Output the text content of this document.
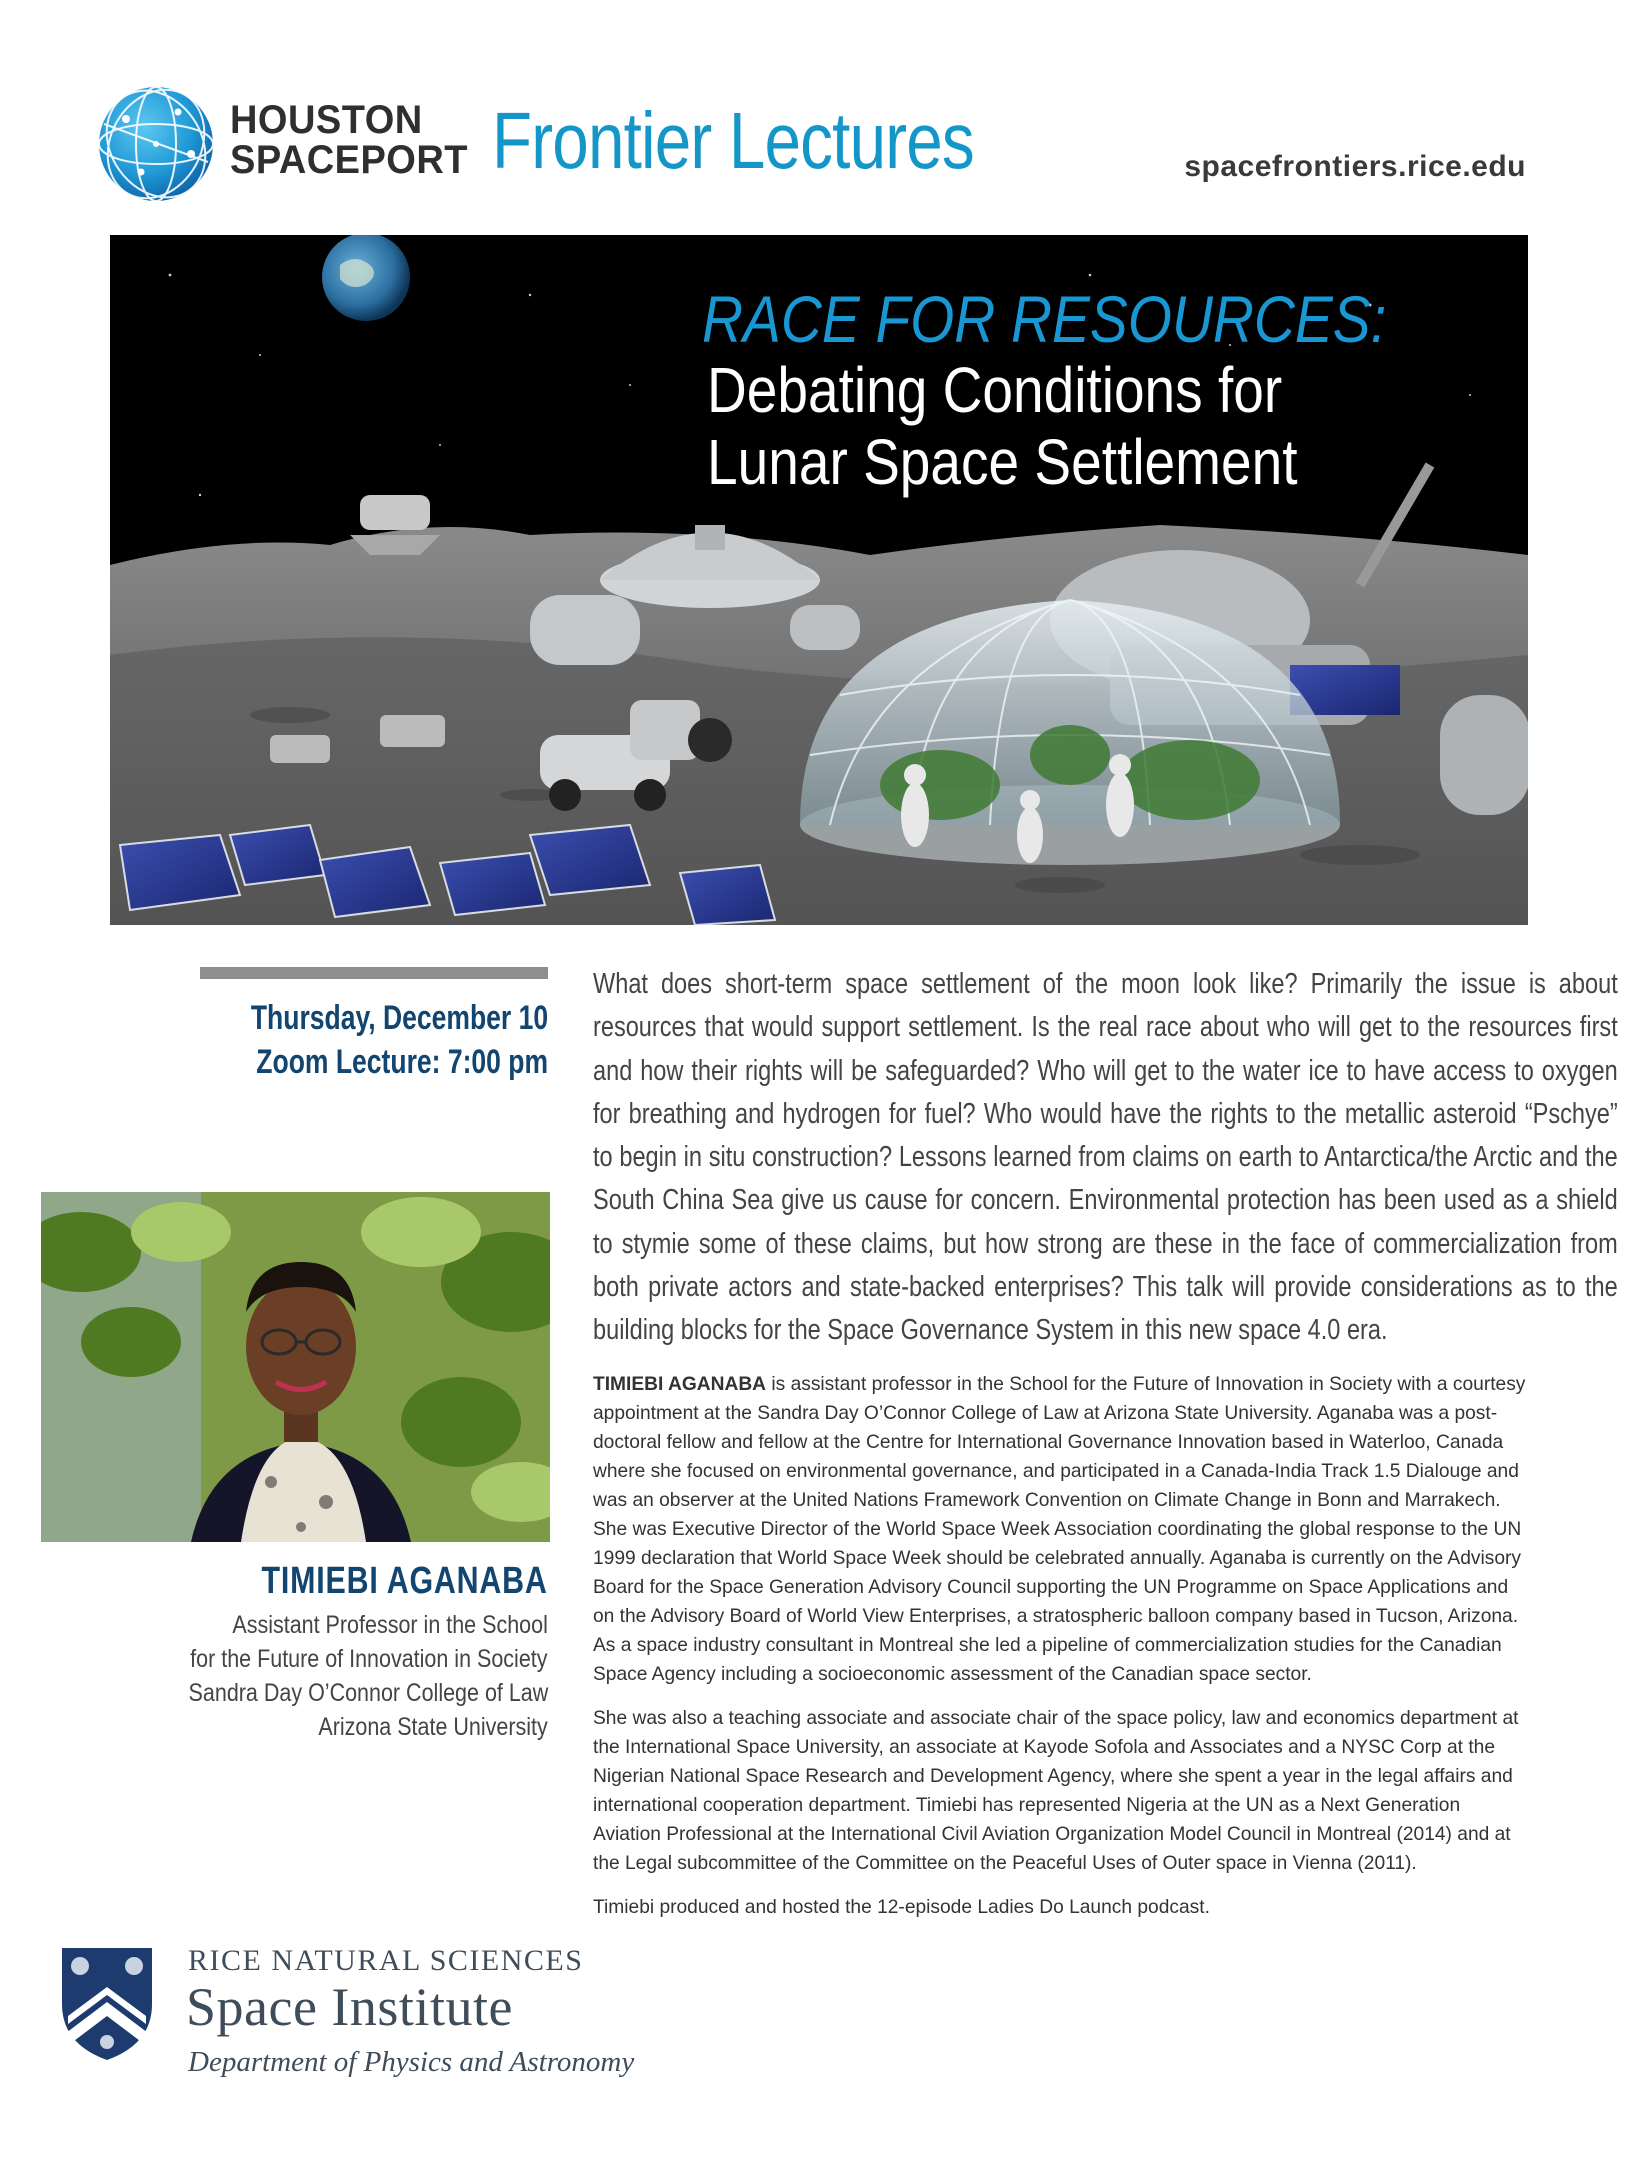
HOUSTON
SPACEPORT Frontier Lectures	spacefrontiers.rice.edu
RACE FOR RESOURCES:
Debating Conditions for
Lunar Space Settlement
Thursday, December 10
Zoom Lecture: 7:00 pm
TIMIEBI AGANABA
Assistant Professor in the School
for the Future of Innovation in Society
Sandra Day O’Connor College of Law
Arizona State University
What does short-term space settlement of the moon look like? Primarily the issue is about resources that would support settlement. Is the real race about who will get to the resources first and how their rights will be safeguarded? Who will get to the water ice to have access to oxygen for breathing and hydrogen for fuel? Who would have the rights to the metallic asteroid “Pschye” to begin in situ construction? Lessons learned from claims on earth to Antarctica/the Arctic and the South China Sea give us cause for concern. Environmental protection has been used as a shield to stymie some of these claims, but how strong are these in the face of commercialization from both private actors and state-backed enterprises? This talk will provide considerations as to the building blocks for the Space Governance System in this new space 4.0 era.

TIMIEBI AGANABA is assistant professor in the School for the Future of Innovation in Society with a courtesy appointment at the Sandra Day O’Connor College of Law at Arizona State University. Aganaba was a post-doctoral fellow and fellow at the Centre for International Governance Innovation based in Waterloo, Canada where she focused on environmental governance, and participated in a Canada-India Track 1.5 Dialouge and was an observer at the United Nations Framework Convention on Climate Change in Bonn and Marrakech. She was Executive Director of the World Space Week Association coordinating the global response to the UN 1999 declaration that World Space Week should be celebrated annually. Aganaba is currently on the Advisory Board for the Space Generation Advisory Council supporting the UN Programme on Space Applications and on the Advisory Board of World View Enterprises, a stratospheric balloon company based in Tucson, Arizona. As a space industry consultant in Montreal she led a pipeline of commercialization studies for the Canadian Space Agency including a socioeconomic assessment of the Canadian space sector.

She was also a teaching associate and associate chair of the space policy, law and economics department at the International Space University, an associate at Kayode Sofola and Associates and a NYSC Corp at the Nigerian National Space Research and Development Agency, where she spent a year in the legal affairs and international cooperation department. Timiebi has represented Nigeria at the UN as a Next Generation Aviation Professional at the International Civil Aviation Organization Model Council in Montreal (2014) and at the Legal subcommittee of the Committee on the Peaceful Uses of Outer space in Vienna (2011).

Timiebi produced and hosted the 12-episode Ladies Do Launch podcast.

RICE NATURAL SCIENCES
Space Institute
Department of Physics and Astronomy
